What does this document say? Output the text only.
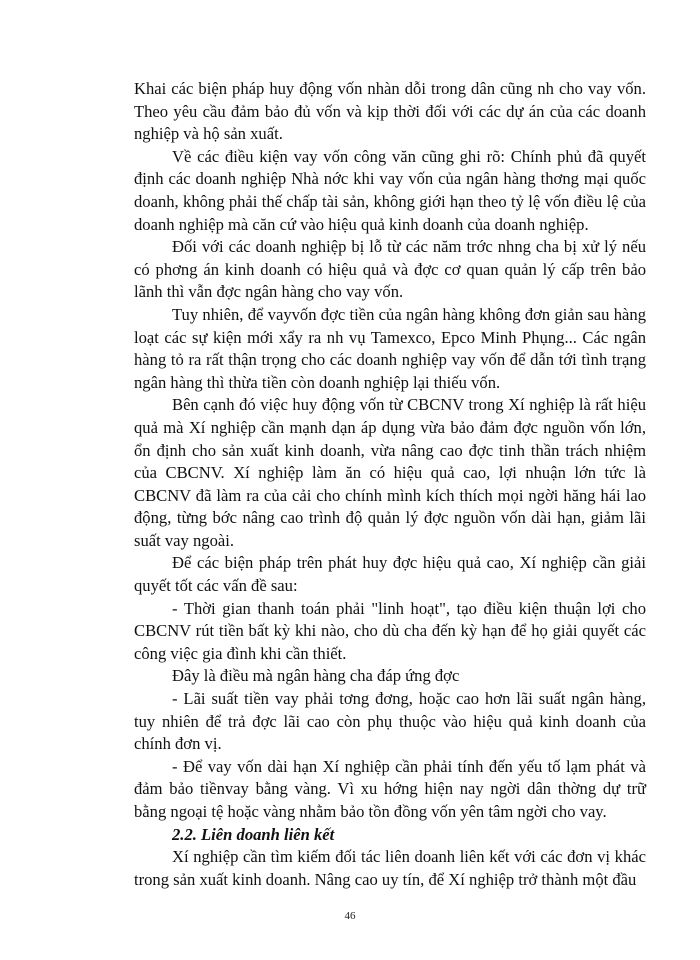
Khai các biện pháp huy động vốn nhàn dỗi trong dân cũng nh cho vay vốn. Theo yêu cầu đảm bảo đủ vốn và kịp thời đối với các dự án của các doanh nghiệp và hộ sản xuất.

Về các điều kiện vay vốn công văn cũng ghi rõ: Chính phủ đã quyết định các doanh nghiệp Nhà nớc khi vay vốn của ngân hàng thơng mại quốc doanh, không phải thế chấp tài sản, không giới hạn theo tỷ lệ vốn điều lệ của doanh nghiệp mà căn cứ vào hiệu quả kinh doanh của doanh nghiệp.

Đối với các doanh nghiệp bị lỗ từ các năm trớc nhng cha bị xử lý nếu có phơng án kinh doanh có hiệu quả và đợc cơ quan quản lý cấp trên bảo lãnh thì vẫn đợc ngân hàng cho vay vốn.

Tuy nhiên, để vayvốn đợc tiền của ngân hàng không đơn giản sau hàng loạt các sự kiện mới xẩy ra nh vụ Tamexco, Epco Minh Phụng... Các ngân hàng tỏ ra rất thận trọng cho các doanh nghiệp vay vốn để dẫn tới tình trạng ngân hàng thì thừa tiền còn doanh nghiệp lại thiếu vốn.

Bên cạnh đó việc huy động vốn từ CBCNV trong Xí nghiệp là rất hiệu quả mà Xí nghiệp cần mạnh dạn áp dụng vừa bảo đảm đợc nguồn vốn lớn, ổn định cho sản xuất kinh doanh, vừa nâng cao đợc tinh thần trách nhiệm của CBCNV. Xí nghiệp làm ăn có hiệu quả cao, lợi nhuận lớn tức là CBCNV đã làm ra của cải cho chính mình kích thích mọi ngời hăng hái lao động, từng bớc nâng cao trình độ quản lý đợc nguồn vốn dài hạn, giảm lãi suất vay ngoài.

Để các biện pháp trên phát huy đợc hiệu quả cao, Xí nghiệp cần giải quyết tốt các vấn đề sau:

- Thời gian thanh toán phải "linh hoạt", tạo điều kiện thuận lợi cho CBCNV rút tiền bất kỳ khi nào, cho dù cha đến kỳ hạn để họ giải quyết các công việc gia đình khi cần thiết.

Đây là điều mà ngân hàng cha đáp ứng đợc

- Lãi suất tiền vay phải tơng đơng, hoặc cao hơn lãi suất ngân hàng, tuy nhiên để trả đợc lãi cao còn phụ thuộc vào hiệu quả kinh doanh của chính đơn vị.

- Để vay vốn dài hạn Xí nghiệp cần phải tính đến yếu tố lạm phát và đảm bảo tiềnvay bằng vàng. Vì xu hớng hiện nay ngời dân thờng dự trữ bằng ngoại tệ hoặc vàng nhằm bảo tồn đồng vốn yên tâm ngời cho vay.

2.2. Liên doanh liên kết

Xí nghiệp cần tìm kiếm đối tác liên doanh liên kết với các đơn vị khác trong sản xuất kinh doanh. Nâng cao uy tín, để Xí nghiệp trở thành một đầu

46
